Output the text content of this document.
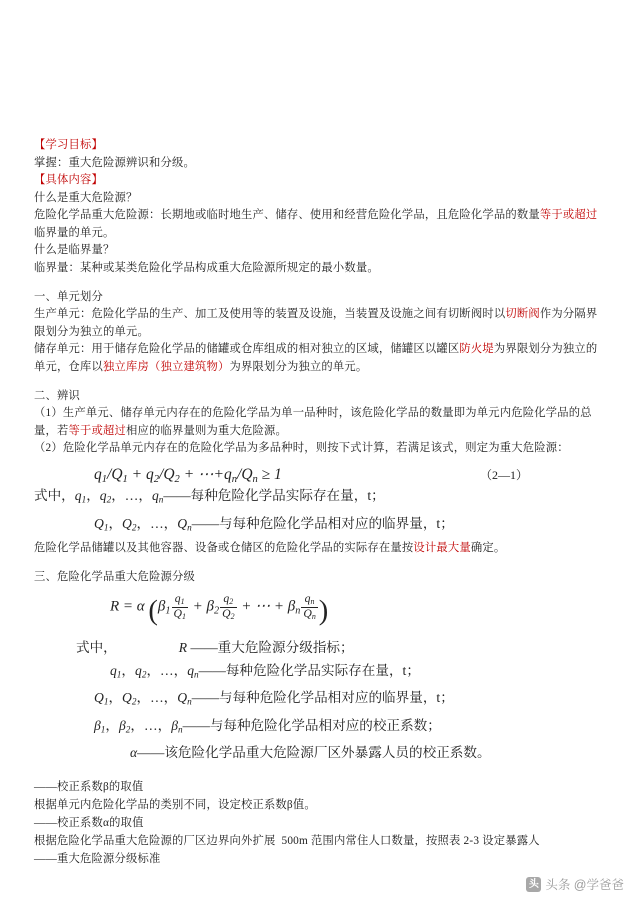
【学习目标】
掌握：重大危险源辨识和分级。
【具体内容】
什么是重大危险源？
危险化学品重大危险源：长期地或临时地生产、储存、使用和经营危险化学品，且危险化学品的数量等于或超过临界量的单元。
什么是临界量？
临界量：某种或某类危险化学品构成重大危险源所规定的最小数量。
一、单元划分
生产单元：危险化学品的生产、加工及使用等的装置及设施，当装置及设施之间有切断阀时以切断阀作为分隔界限划分为独立的单元。
储存单元：用于储存危险化学品的储罐或仓库组成的相对独立的区域，储罐区以罐区防火堤为界限划分为独立的单元，仓库以独立库房（独立建筑物）为界限划分为独立的单元。
二、辨识
（1）生产单元、储存单元内存在的危险化学品为单一品种时，该危险化学品的数量即为单元内危险化学品的总量，若等于或超过相应的临界量则为重大危险源。
（2）危险化学品单元内存在的危险化学品为多品种时，则按下式计算，若满足该式，则定为重大危险源：
$q_1/Q_1 + q_2/Q_2$ + $\cdots+q_n/Q_n \ge 1$	（2—1）
式中，$q_1$，$q_2$，…，$q_n——$每种危险化学品实际存在量，t；
$Q_1$，$Q_2$，…，$Q_n——$与每种危险化学品相对应的临界量，t；
危险化学品储罐以及其他容器、设备或仓储区的危险化学品的实际存在量按设计最大量确定。
三、危险化学品重大危险源分级
R = α ($\beta_1 \frac{q_1}{Q_1} + \beta_2 \frac{q_2}{Q_2}$ + ⋯ + $\beta_n \frac{q_n}{Q_n}$ )
式中，	R ——重大危险源分级指标；
$q_1$，$q_2$，…，$q_n——$每种危险化学品实际存在量，t；
$Q_1$，$Q_2$，…，$Q_n——$与每种危险化学品相对应的临界量，t；
$\beta_1$，$\beta_2$，…，$\beta_n——$与每种危险化学品相对应的校正系数；
α——该危险化学品重大危险源厂区外暴露人员的校正系数。
——校正系数β的取值
根据单元内危险化学品的类别不同，设定校正系数β值。
——校正系数α的取值
根据危险化学品重大危险源的厂区边界向外扩展  500m 范围内常住人口数量，按照表 2-3 设定暴露人
——重大危险源分级标准
头 头条 @学爸爸
